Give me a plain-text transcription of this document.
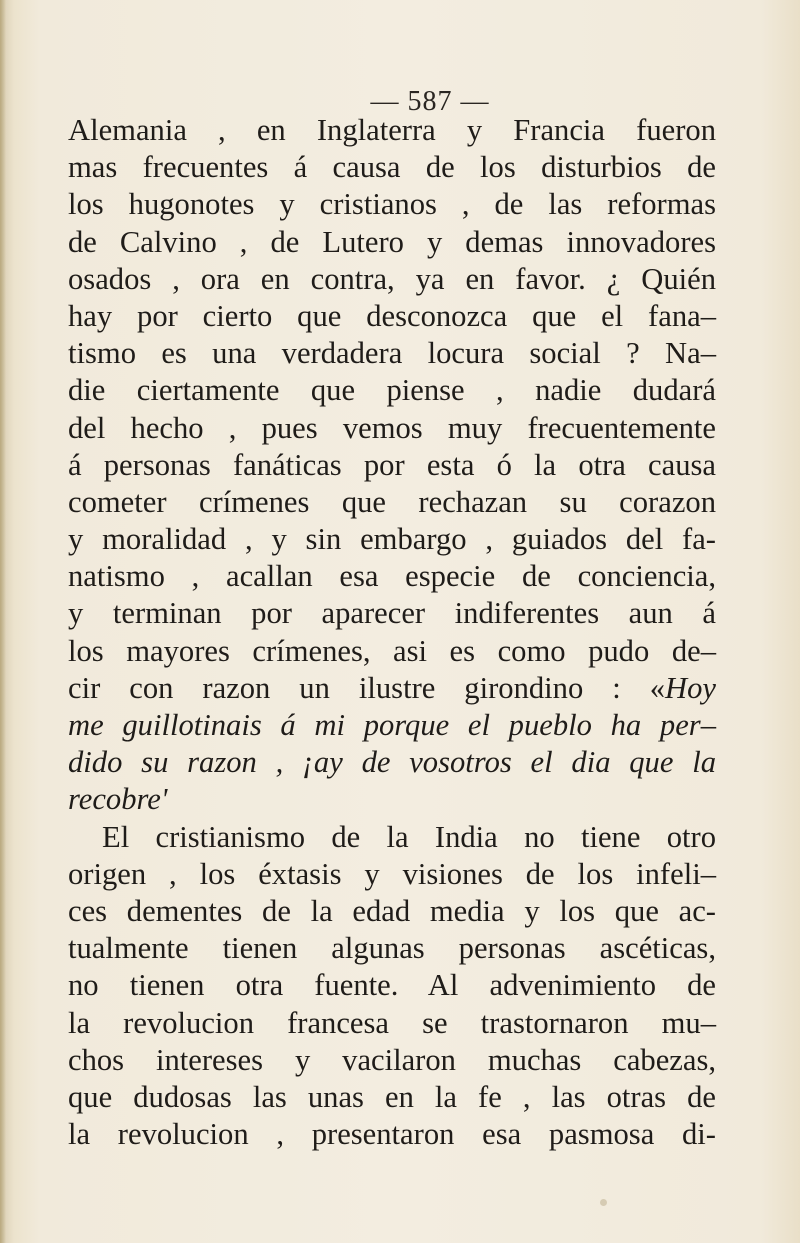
— 587 —
Alemania , en Inglaterra y Francia fueron
mas frecuentes á causa de los disturbios de
los hugonotes y cristianos , de las reformas
de Calvino , de Lutero y demas innovadores
osados , ora en contra, ya en favor. ¿ Quién
hay por cierto que desconozca que el fana–
tismo es una verdadera locura social ? Na–
die ciertamente que piense , nadie dudará
del hecho , pues vemos muy frecuentemente
á personas fanáticas por esta ó la otra causa
cometer crímenes que rechazan su corazon
y moralidad , y sin embargo , guiados del fa-
natismo , acallan esa especie de conciencia,
y terminan por aparecer indiferentes aun á
los mayores crímenes, asi es como pudo de–
cir con razon un ilustre girondino : «Hoy
me guillotinais á mi porque el pueblo ha per–
dido su razon , ¡ay de vosotros el dia que la
recobre'
El cristianismo de la India no tiene otro
origen , los éxtasis y visiones de los infeli–
ces dementes de la edad media y los que ac-
tualmente tienen algunas personas ascéticas,
no tienen otra fuente. Al advenimiento de
la revolucion francesa se trastornaron mu–
chos intereses y vacilaron muchas cabezas,
que dudosas las unas en la fe , las otras de
la revolucion , presentaron esa pasmosa di-
